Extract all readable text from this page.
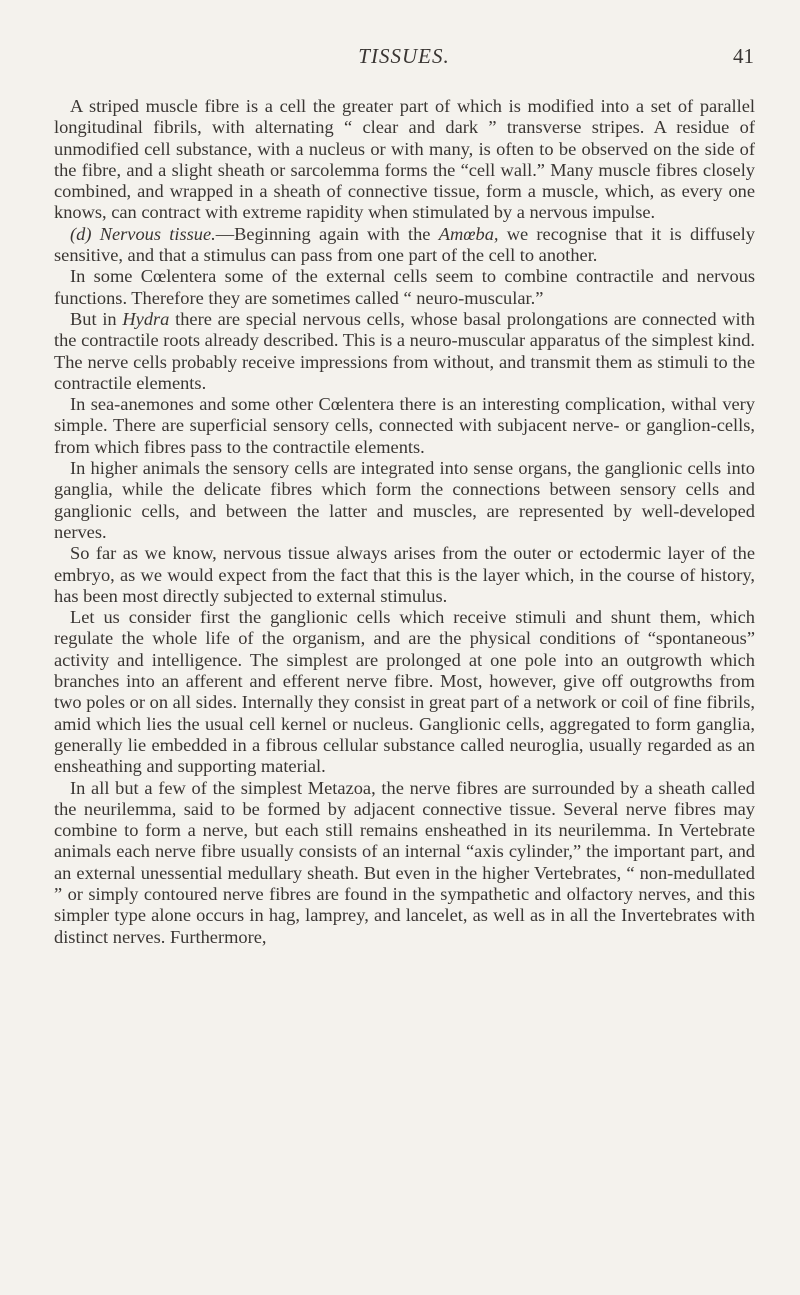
TISSUES.	41

A striped muscle fibre is a cell the greater part of which is modified into a set of parallel longitudinal fibrils, with alternating “ clear and dark ” transverse stripes. A residue of unmodified cell substance, with a nucleus or with many, is often to be observed on the side of the fibre, and a slight sheath or sarcolemma forms the “cell wall.” Many muscle fibres closely combined, and wrapped in a sheath of connective tissue, form a muscle, which, as every one knows, can contract with extreme rapidity when stimulated by a nervous impulse.

(d) Nervous tissue.—Beginning again with the Amœba, we recognise that it is diffusely sensitive, and that a stimulus can pass from one part of the cell to another.

In some Cœlentera some of the external cells seem to combine contractile and nervous functions. Therefore they are sometimes called “ neuro-muscular.”

But in Hydra there are special nervous cells, whose basal prolongations are connected with the contractile roots already described. This is a neuro-muscular apparatus of the simplest kind. The nerve cells probably receive impressions from without, and transmit them as stimuli to the contractile elements.

In sea-anemones and some other Cœlentera there is an interesting complication, withal very simple. There are superficial sensory cells, connected with subjacent nerve- or ganglion-cells, from which fibres pass to the contractile elements.

In higher animals the sensory cells are integrated into sense organs, the ganglionic cells into ganglia, while the delicate fibres which form the connections between sensory cells and ganglionic cells, and between the latter and muscles, are represented by well-developed nerves.

So far as we know, nervous tissue always arises from the outer or ectodermic layer of the embryo, as we would expect from the fact that this is the layer which, in the course of history, has been most directly subjected to external stimulus.

Let us consider first the ganglionic cells which receive stimuli and shunt them, which regulate the whole life of the organism, and are the physical conditions of “spontaneous” activity and intelligence. The simplest are prolonged at one pole into an outgrowth which branches into an afferent and efferent nerve fibre. Most, however, give off outgrowths from two poles or on all sides. Internally they consist in great part of a network or coil of fine fibrils, amid which lies the usual cell kernel or nucleus. Ganglionic cells, aggregated to form ganglia, generally lie embedded in a fibrous cellular substance called neuroglia, usually regarded as an ensheathing and supporting material.

In all but a few of the simplest Metazoa, the nerve fibres are surrounded by a sheath called the neurilemma, said to be formed by adjacent connective tissue. Several nerve fibres may combine to form a nerve, but each still remains ensheathed in its neurilemma. In Vertebrate animals each nerve fibre usually consists of an internal “axis cylinder,” the important part, and an external unessential medullary sheath. But even in the higher Vertebrates, “ non-medullated ” or simply contoured nerve fibres are found in the sympathetic and olfactory nerves, and this simpler type alone occurs in hag, lamprey, and lancelet, as well as in all the Invertebrates with distinct nerves. Furthermore,
